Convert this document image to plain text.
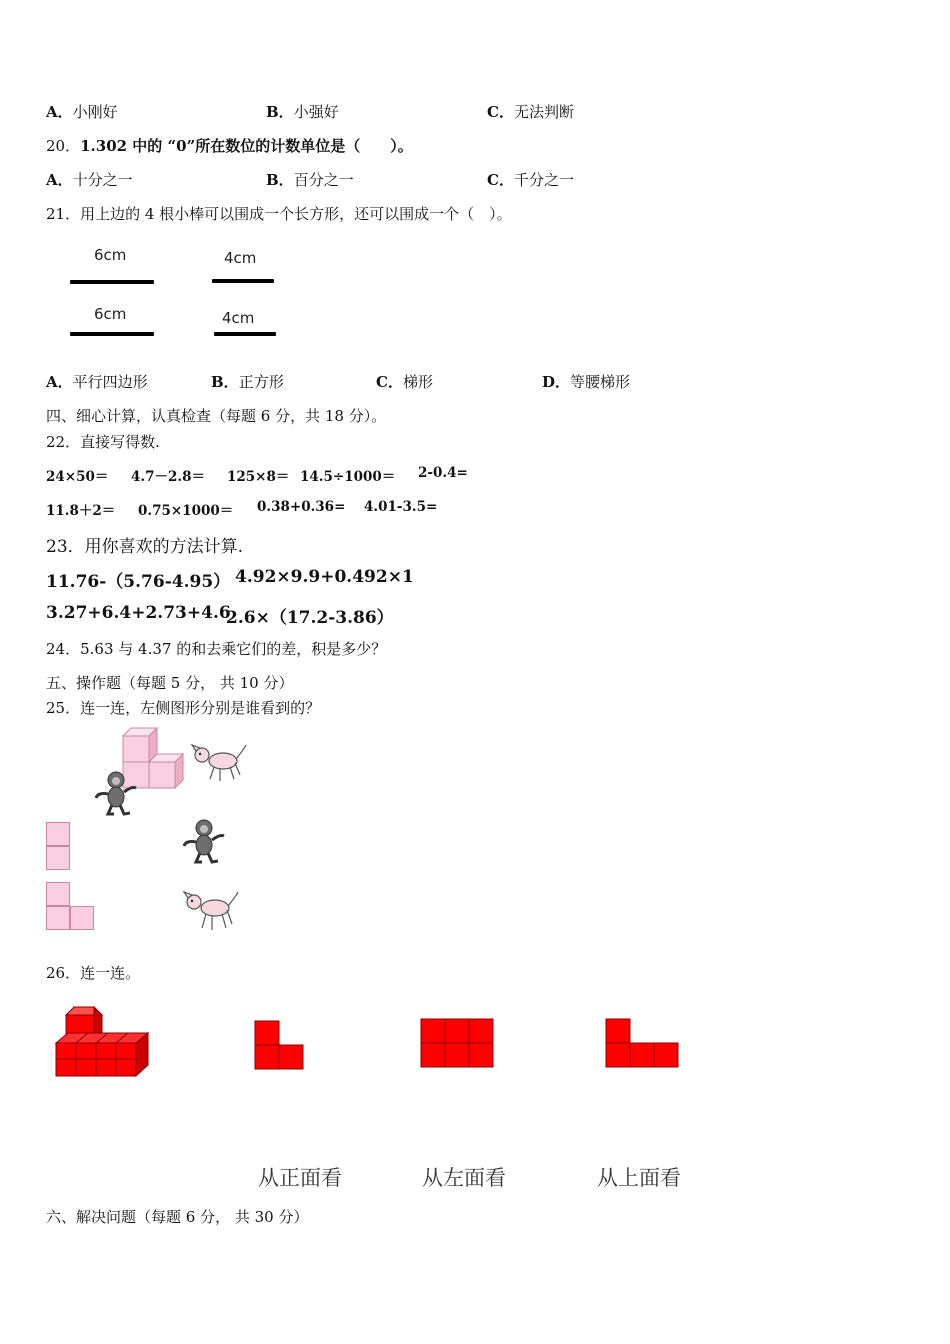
A．小刚好	B．小强好	C．无法判断
20．1.302 中的 “0”所在数位的计数单位是（　　）。
A．十分之一	B．百分之一	C．千分之一
21．用上边的 4 根小棒可以围成一个长方形，还可以围成一个（　）。
6cm	4cm
6cm	4cm
A．平行四边形	B．正方形	C．梯形	D．等腰梯形
四、细心计算，认真检查（每题 6 分，共 18 分）。
22．直接写得数.
24×50＝ 4.7－2.8＝ 125×8＝ 14.5÷1000＝ 2-0.4=
11.8＋2＝ 0.75×1000＝ 0.38+0.36= 4.01-3.5=
23．用你喜欢的方法计算.
11.76-（5.76-4.95） 4.92×9.9+0.492×1
3.27+6.4+2.73+4.6
2.6×（17.2-3.86）
24．5.63 与 4.37 的和去乘它们的差，积是多少？
五、操作题（每题 5 分， 共 10 分）
25．连一连，左侧图形分别是谁看到的？
26．连一连。
从正面看	从左面看	从上面看
六、解决问题（每题 6 分， 共 30 分）
